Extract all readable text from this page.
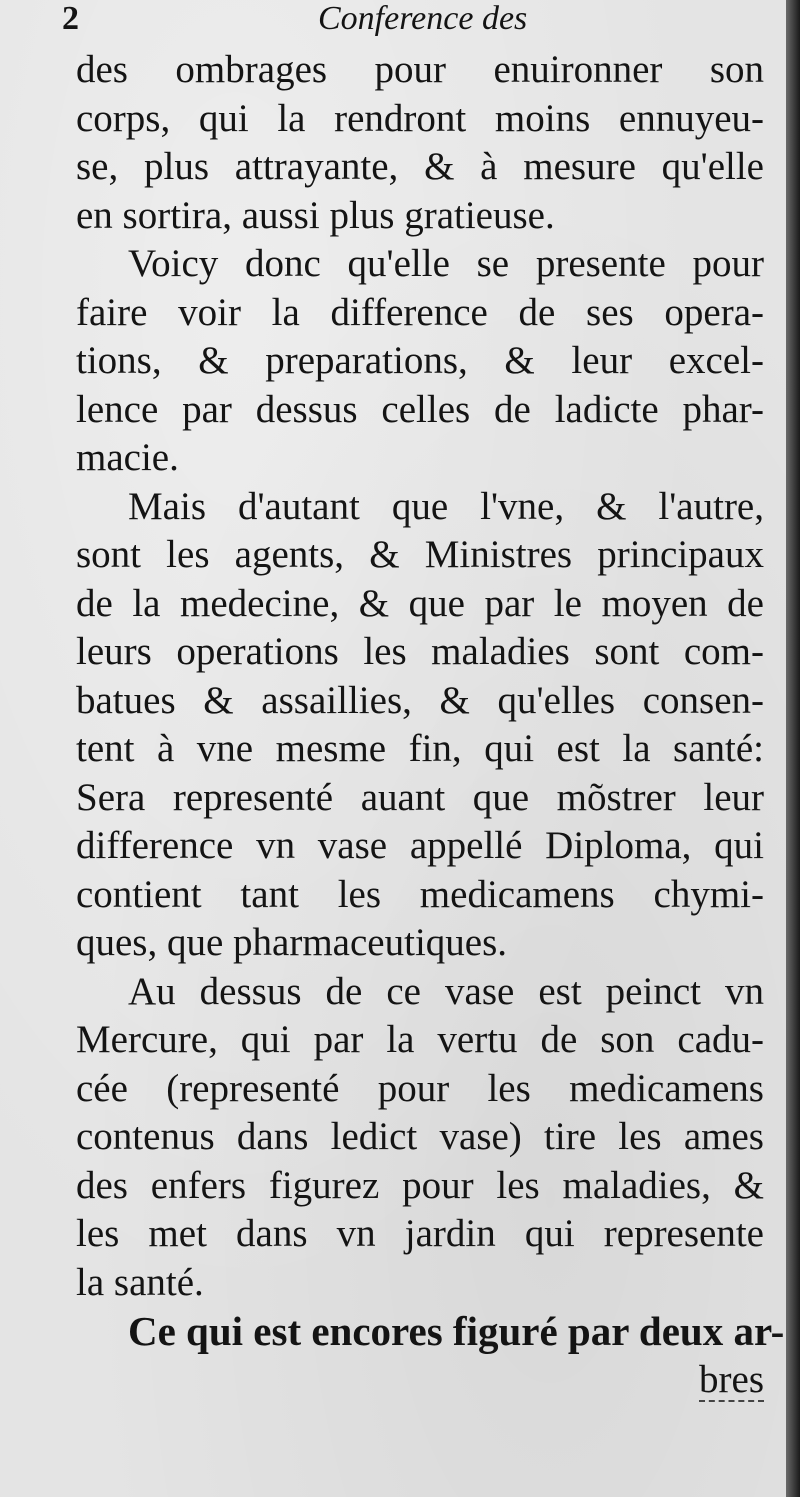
2	Conference des
des ombrages pour enuironner son
corps, qui la rendront moins ennuyeu-
se, plus attrayante, & à mesure qu'elle
en sortira, aussi plus gratieuse.
Voicy donc qu'elle se presente pour
faire voir la difference de ses opera-
tions, & preparations, & leur excel-
lence par dessus celles de ladicte phar-
macie.
Mais d'autant que l'vne, & l'autre,
sont les agents, & Ministres principaux
de la medecine, & que par le moyen de
leurs operations les maladies sont com-
batues & assaillies, & qu'elles consen-
tent à vne mesme fin, qui est la santé:
Sera representé auant que mõstrer leur
difference vn vase appellé Diploma, qui
contient tant les medicamens chymi-
ques, que pharmaceutiques.
Au dessus de ce vase est peinct vn
Mercure, qui par la vertu de son cadu-
cée (representé pour les medicamens
contenus dans ledict vase) tire les ames
des enfers figurez pour les maladies, &
les met dans vn jardin qui represente
la santé.
Ce qui est encores figuré par deux ar-
bres
